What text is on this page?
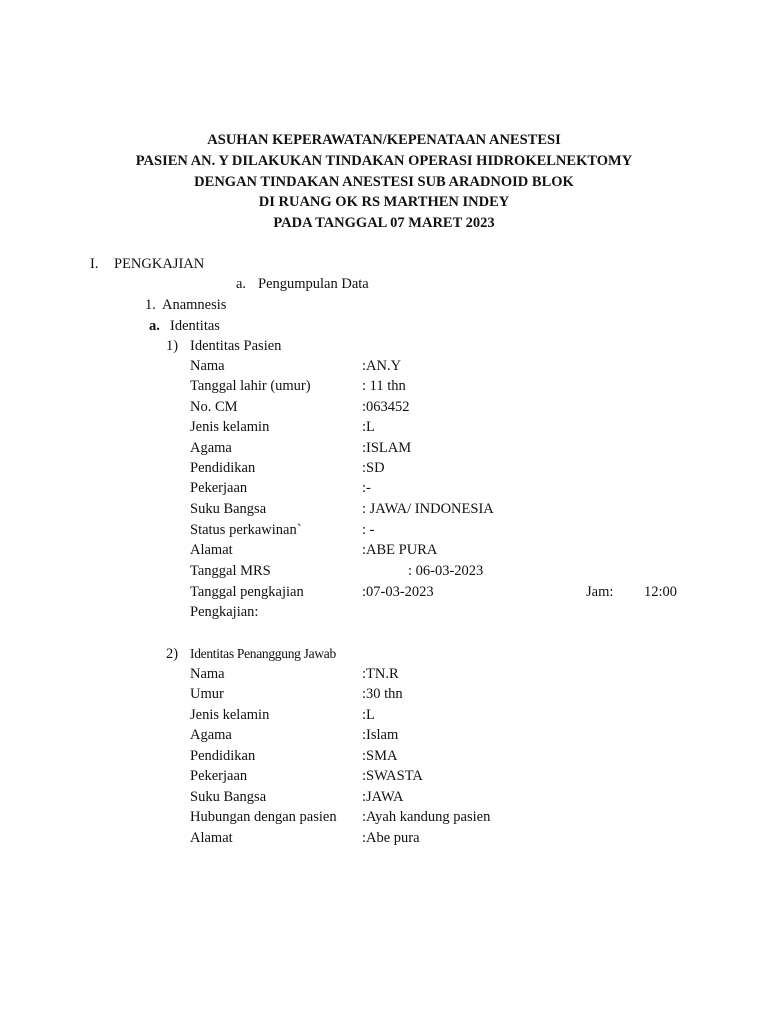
ASUHAN KEPERAWATAN/KEPENATAAN ANESTESI
PASIEN AN. Y DILAKUKAN TINDAKAN OPERASI HIDROKELNEKTOMY
DENGAN TINDAKAN ANESTESI SUB ARADNOID BLOK
DI RUANG OK RS MARTHEN INDEY
PADA TANGGAL 07 MARET 2023
I. PENGKAJIAN
a. Pengumpulan Data
1. Anamnesis
a. Identitas
1) Identitas Pasien
Nama	:AN.Y
Tanggal lahir (umur)	: 11 thn
No. CM	:063452
Jenis kelamin	:L
Agama	:ISLAM
Pendidikan	:SD
Pekerjaan	:-
Suku Bangsa	: JAWA/ INDONESIA
Status perkawinan`	: -
Alamat	:ABE PURA
Tanggal MRS	: 06-03-2023
Tanggal pengkajian	:07-03-2023	Jam: 12:00
Pengkajian:
2) Identitas Penanggung Jawab
Nama	:TN.R
Umur	:30 thn
Jenis kelamin	:L
Agama	:Islam
Pendidikan	:SMA
Pekerjaan	:SWASTA
Suku Bangsa	:JAWA
Hubungan dengan pasien :Ayah kandung pasien
Alamat	:Abe pura
